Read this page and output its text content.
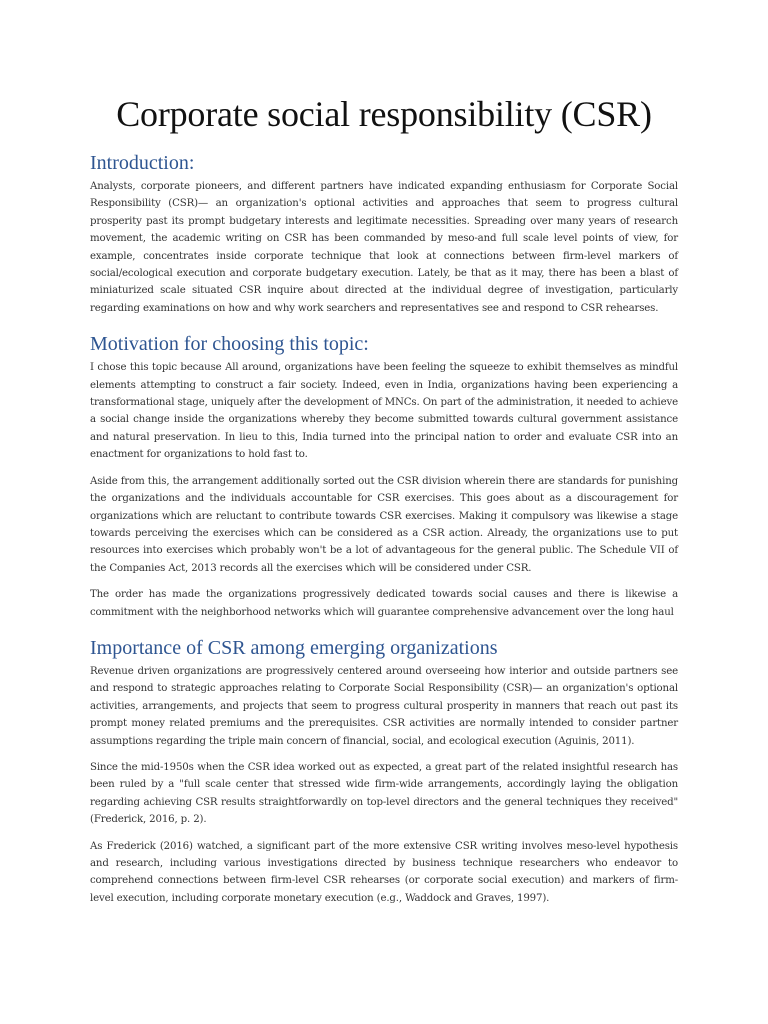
Corporate social responsibility (CSR)
Introduction:

Analysts, corporate pioneers, and different partners have indicated expanding enthusiasm for Corporate Social Responsibility (CSR)— an organization's optional activities and approaches that seem to progress cultural prosperity past its prompt budgetary interests and legitimate necessities. Spreading over many years of research movement, the academic writing on CSR has been commanded by meso-and full scale level points of view, for example, concentrates inside corporate technique that look at connections between firm-level markers of social/ecological execution and corporate budgetary execution. Lately, be that as it may, there has been a blast of miniaturized scale situated CSR inquire about directed at the individual degree of investigation, particularly regarding examinations on how and why work searchers and representatives see and respond to CSR rehearses.

Motivation for choosing this topic:

I chose this topic because All around, organizations have been feeling the squeeze to exhibit themselves as mindful elements attempting to construct a fair society. Indeed, even in India, organizations having been experiencing a transformational stage, uniquely after the development of MNCs. On part of the administration, it needed to achieve a social change inside the organizations whereby they become submitted towards cultural government assistance and natural preservation. In lieu to this, India turned into the principal nation to order and evaluate CSR into an enactment for organizations to hold fast to.

Aside from this, the arrangement additionally sorted out the CSR division wherein there are standards for punishing the organizations and the individuals accountable for CSR exercises. This goes about as a discouragement for organizations which are reluctant to contribute towards CSR exercises. Making it compulsory was likewise a stage towards perceiving the exercises which can be considered as a CSR action. Already, the organizations use to put resources into exercises which probably won't be a lot of advantageous for the general public. The Schedule VII of the Companies Act, 2013 records all the exercises which will be considered under CSR.

The order has made the organizations progressively dedicated towards social causes and there is likewise a commitment with the neighborhood networks which will guarantee comprehensive advancement over the long haul

Importance of CSR among emerging organizations

Revenue driven organizations are progressively centered around overseeing how interior and outside partners see and respond to strategic approaches relating to Corporate Social Responsibility (CSR)— an organization's optional activities, arrangements, and projects that seem to progress cultural prosperity in manners that reach out past its prompt money related premiums and the prerequisites. CSR activities are normally intended to consider partner assumptions regarding the triple main concern of financial, social, and ecological execution (Aguinis, 2011).

Since the mid-1950s when the CSR idea worked out as expected, a great part of the related insightful research has been ruled by a "full scale center that stressed wide firm-wide arrangements, accordingly laying the obligation regarding achieving CSR results straightforwardly on top-level directors and the general techniques they received" (Frederick, 2016, p. 2).

As Frederick (2016) watched, a significant part of the more extensive CSR writing involves meso-level hypothesis and research, including various investigations directed by business technique researchers who endeavor to comprehend connections between firm-level CSR rehearses (or corporate social execution) and markers of firm-level execution, including corporate monetary execution (e.g., Waddock and Graves, 1997).
